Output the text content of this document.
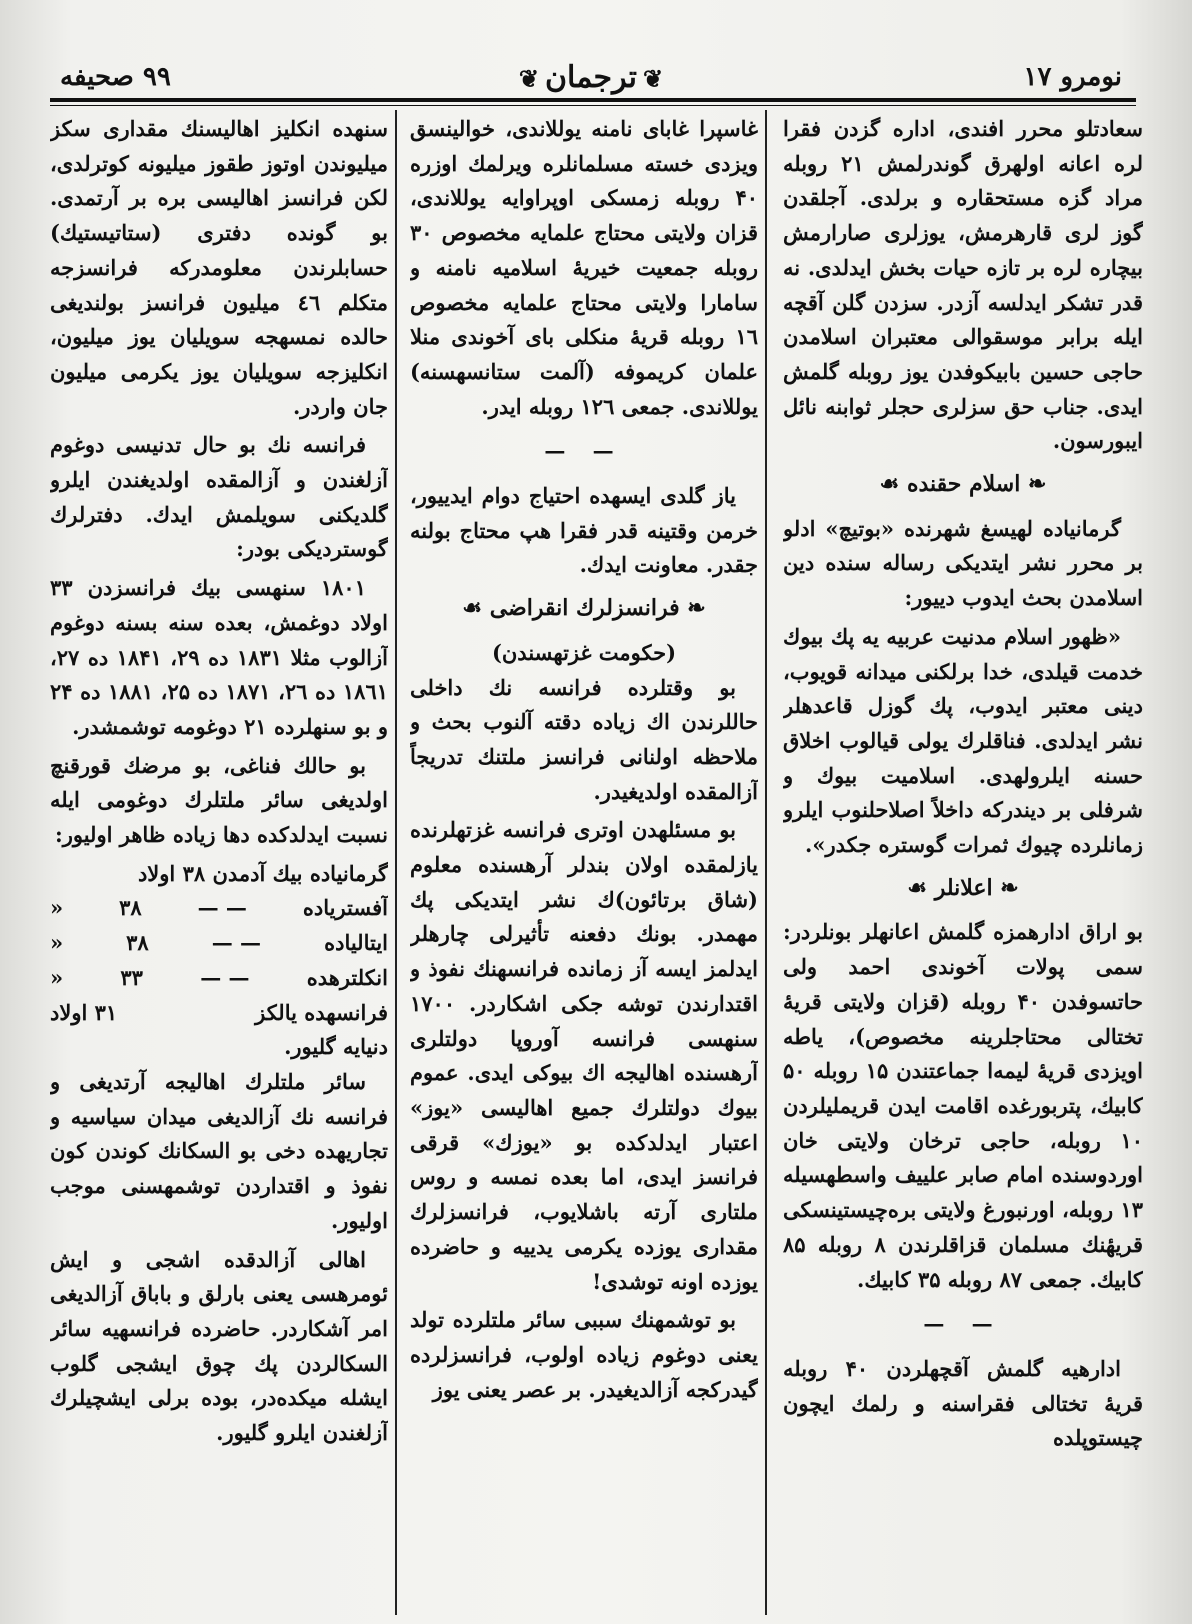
نومرو ١٧
❦ترجمان❦
٩٩ صحيفه

سعادتلو محرر افندی، اداره گزدن فقرا لره اعانه اولهرق گوندرلمش ۲۱ روبله مراد گزه مستحقاره و برلدی. آجلقدن گوز لری قارهرمش، یوزلری صارارمش بیچاره لره بر تازه حیات بخش ایدلدی. نه قدر تشکر ایدلسه آزدر. سزدن گلن آقچه ایله برابر موسقوالی معتبران اسلامدن حاجی حسین بابیکوفدن یوز روبله گلمش ایدی. جناب حق سزلری حجلر ثوابنه نائل ایبورسون.

❧ اسلام حقنده ☙

گرمانیاده لهیسغ شهرنده «بوتیچ» ادلو بر محرر نشر ایتدیکی رساله سنده دین اسلامدن بحث ایدوب دییور:

«ظهور اسلام مدنیت عربیه یه پك بیوك خدمت قیلدی، خدا برلكنی میدانه قویوب، دینی معتبر ایدوب، پك گوزل قاعدهلر نشر ایدلدی. فناقلرك یولی قیالوب اخلاق حسنه ایلرولهدی. اسلامیت بیوك و شرفلی بر دیندرکه داخلاً اصلاحلنوب ایلرو زمانلرده چیوك ثمرات گوستره جکدر».

❧ اعلانلر ☙

بو اراق ادارهمزه گلمش اعانهلر بونلردر: سمی پولات آخوندی احمد ولی حاتسوفدن ۴۰ روبله (قزان ولایتی قریهٔ تختالی محتاجلرینه مخصوص)، یاطه اویزدی قریهٔ لیمه‌ا جماعتندن ۱۵ روبله ۵۰ کابیك، پتربورغده اقامت ایدن قریملیلردن ۱۰ روبله، حاجی ترخان ولایتی خان اوردوسنده امام صابر علییف واسطهسیله ۱۳ روبله، اورنبورغ ولایتی بره‌چیستینسکی قریهٔنك مسلمان قزاقلرندن ۸ روبله ۸۵ کابیك. جمعی ۸۷ روبله ۳۵ کابیك.

— —

ادارهیه گلمش آقچهلردن ۴۰ روبله قریهٔ تختالی فقراسنه و رلمك ایچون چیستوپلده

غاسپرا غابای نامنه یوللاندی، خوالینسق ویزدی خسته مسلمانلره ویرلمك اوزره ۴۰ روبله زمسکی اوپراوایه یوللاندی، قزان ولایتی محتاج علمایه مخصوص ۳۰ روبله جمعیت خیریهٔ اسلامیه نامنه و سامارا ولایتی محتاج علمایه مخصوص ۱٦ روبله قریهٔ منکلی بای آخوندی منلا علمان کریموفه (آلمت ستانسهسنه) یوللاندی. جمعی ۱۲٦ روبله ایدر.

— —

یاز گلدی ایسهده احتیاج دوام ایدییور، خرمن وقتینه قدر فقرا هپ محتاج بولنه جقدر. معاونت ایدك.

❧ فرانسزلرك انقراضی ☙
(حکومت غزتهسندن)

بو وقتلرده فرانسه نك داخلی حاللرندن اك زیاده دقته آلنوب بحث و ملاحظه اولنانی فرانسز ملتنك تدریجاً آزالمقده اولدیغیدر.

بو مسئلهدن اوتری فرانسه غزتهلرنده یازلمقده اولان بندلر آرهسنده معلوم (شاق برتائون)ك نشر ایتدیکی پك مهمدر. بونك دفعنه تأثیرلی چارهلر ایدلمز ایسه آز زمانده فرانسهنك نفوذ و اقتدارندن توشه جکی اشکاردر. ۱۷۰۰ سنهسی فرانسه آوروپا دولتلری آرهسنده اهالیجه اك بیوکی ایدی. عموم بیوك دولتلرك جمیع اهالیسی «یوز» اعتبار ایدلدکده بو «یوزك» قرقی فرانسز ایدی، اما بعده نمسه و روس ملتاری آرته باشلایوب، فرانسزلرك مقداری یوزده یکرمی یدییه و حاضرده یوزده اونه توشدی!

بو توشمهنك سببی سائر ملتلرده تولد یعنی دوغوم زیاده اولوب، فرانسزلرده گیدرکجه آزالدیغیدر. بر عصر یعنی یوز

سنهده انکلیز اهالیسنك مقداری سکز میلیوندن اوتوز طقوز میلیونه کوترلدی، لکن فرانسز اهالیسی بره بر آرتمدی. بو گونده دفتری (ستاتیستیك) حسابلرندن معلومدرکه فرانسزجه متکلم ٤٦ میلیون فرانسز بولندیغی حالده نمسهجه سویلیان یوز میلیون، انکلیزجه سویلیان یوز یکرمی میلیون جان واردر.

فرانسه نك بو حال تدنیسی دوغوم آزلغندن و آزالمقده اولدیغندن ایلرو گلدیکنی سویلمش ایدك. دفترلرك گوستردیکی بودر:

۱۸۰۱ سنهسی بیك فرانسزدن ۳۳ اولاد دوغمش، بعده سنه بسنه دوغوم آزالوب مثلا ۱۸۳۱ ده ۲۹، ۱۸۴۱ ده ۲۷، ۱۸٦۱ ده ۲٦، ۱۸۷۱ ده ۲۵، ۱۸۸۱ ده ۲۴ و بو سنهلرده ۲۱ دوغومه توشمشدر.

بو حالك فناغی، بو مرضك قورقنچ اولدیغی سائر ملتلرك دوغومی ایله نسبت ایدلدکده دها زیاده ظاهر اولیور:

گرمانیاده بیك آدمدن ۳۸ اولاد
آفستریاده
— —
۳۸
«
ایتالیاده
— —
۳۸
«
انکلترهده
— —
۳۳
«
فرانسهده یالکز
۳۱ اولاد
دنیایه گلیور.

سائر ملتلرك اهالیجه آرتدیغی و فرانسه نك آزالدیغی میدان سیاسیه و تجاریهده دخی بو السکانك کوندن کون نفوذ و اقتداردن توشمهسنی موجب اولیور.

اهالی آزالدقده اشجی و ایش ئومرهسی یعنی بارلق و باباق آزالدیغی امر آشکاردر. حاضرده فرانسهیه سائر السکالردن پك چوق ایشجی گلوب ایشله میکده‌در، بوده برلی ایشچیلرك آزلغندن ایلرو گلیور.
